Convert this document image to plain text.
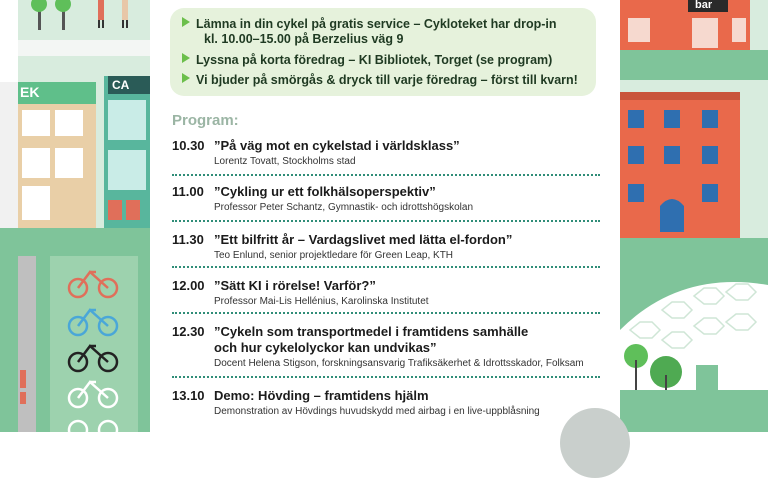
EK	CA
bar
Lämna in din cykel på gratis service – Cykloteket har drop-in
kl. 10.00–15.00 på Berzelius väg 9
Lyssna på korta föredrag – KI Bibliotek, Torget (se program)
Vi bjuder på smörgås & dryck till varje föredrag – först till kvarn!
Program:
10.30 ”På väg mot en cykelstad i världsklass”
Lorentz Tovatt, Stockholms stad
11.00 ”Cykling ur ett folkhälsoperspektiv”
Professor Peter Schantz, Gymnastik- och idrottshögskolan
11.30 ”Ett bilfritt år – Vardagslivet med lätta el-fordon”
Teo Enlund, senior projektledare för Green Leap, KTH
12.00 ”Sätt KI i rörelse! Varför?”
Professor Mai-Lis Hellénius, Karolinska Institutet
12.30 ”Cykeln som transportmedel i framtidens samhälle
och hur cykelolyckor kan undvikas”
Docent Helena Stigson, forskningsansvarig Trafiksäkerhet & Idrottsskador, Folksam
13.10 Demo: Hövding – framtidens hjälm
Demonstration av Hövdings huvudskydd med airbag i en live-uppblåsning
